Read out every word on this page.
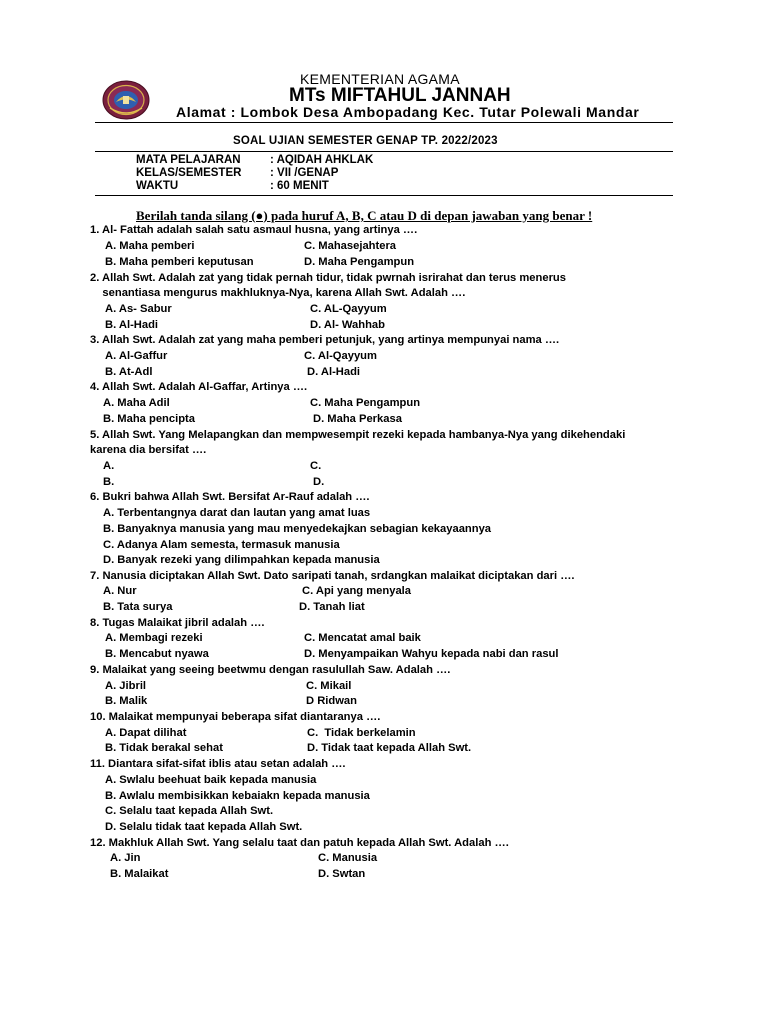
KEMENTERIAN AGAMA
MTs MIFTAHUL JANNAH
Alamat : Lombok Desa Ambopadang Kec. Tutar Polewali Mandar
SOAL UJIAN SEMESTER GENAP TP. 2022/2023
MATA PELAJARAN	: AQIDAH AHKLAK
KELAS/SEMESTER : VII /GENAP
WAKTU	: 60 MENIT
Berilah tanda silang (●) pada huruf A, B, C atau D di depan jawaban yang benar !
1. Al- Fattah adalah salah satu asmaul husna, yang artinya ….
A. Maha pemberi	C. Mahasejahtera
B. Maha pemberi keputusan	D. Maha Pengampun
2. Allah Swt. Adalah zat yang tidak pernah tidur, tidak pwrnah isrirahat dan terus menerus
senantiasa mengurus makhluknya-Nya, karena Allah Swt. Adalah ….
A. As- Sabur	C. AL-Qayyum
B. Al-Hadi	D. Al- Wahhab
3. Allah Swt. Adalah zat yang maha pemberi petunjuk, yang artinya mempunyai nama ….
A. Al-Gaffur	C. Al-Qayyum
B. At-Adl	D. Al-Hadi
4. Allah Swt. Adalah Al-Gaffar, Artinya ….
A. Maha Adil	C. Maha Pengampun
B. Maha pencipta	D. Maha Perkasa
5. Allah Swt. Yang Melapangkan dan mempwesempit rezeki kepada hambanya-Nya yang dikehendaki
karena dia bersifat ….
A.	C.
B.	D.
6. Bukri bahwa Allah Swt. Bersifat Ar-Rauf adalah ….
A. Terbentangnya darat dan lautan yang amat luas
B. Banyaknya manusia yang mau menyedekajkan sebagian kekayaannya
C. Adanya Alam semesta, termasuk manusia
D. Banyak rezeki yang dilimpahkan kepada manusia
7. Nanusia diciptakan Allah Swt. Dato saripati tanah, srdangkan malaikat diciptakan dari ….
A. Nur	C. Api yang menyala
B. Tata surya	D. Tanah liat
8. Tugas Malaikat jibril adalah ….
A. Membagi rezeki	C. Mencatat amal baik
B. Mencabut nyawa	D. Menyampaikan Wahyu kepada nabi dan rasul
9. Malaikat yang seeing beetwmu dengan rasulullah Saw. Adalah ….
A. Jibril	C. Mikail
B. Malik	D Ridwan
10. Malaikat mempunyai beberapa sifat diantaranya ….
A. Dapat dilihat	C.  Tidak berkelamin
B. Tidak berakal sehat	D. Tidak taat kepada Allah Swt.
11. Diantara sifat-sifat iblis atau setan adalah ….
A. Swlalu beehuat baik kepada manusia
B. Awlalu membisikkan kebaiakn kepada manusia
C. Selalu taat kepada Allah Swt.
D. Selalu tidak taat kepada Allah Swt.
12. Makhluk Allah Swt. Yang selalu taat dan patuh kepada Allah Swt. Adalah ….
A. Jin	C. Manusia
B. Malaikat	D. Swtan
